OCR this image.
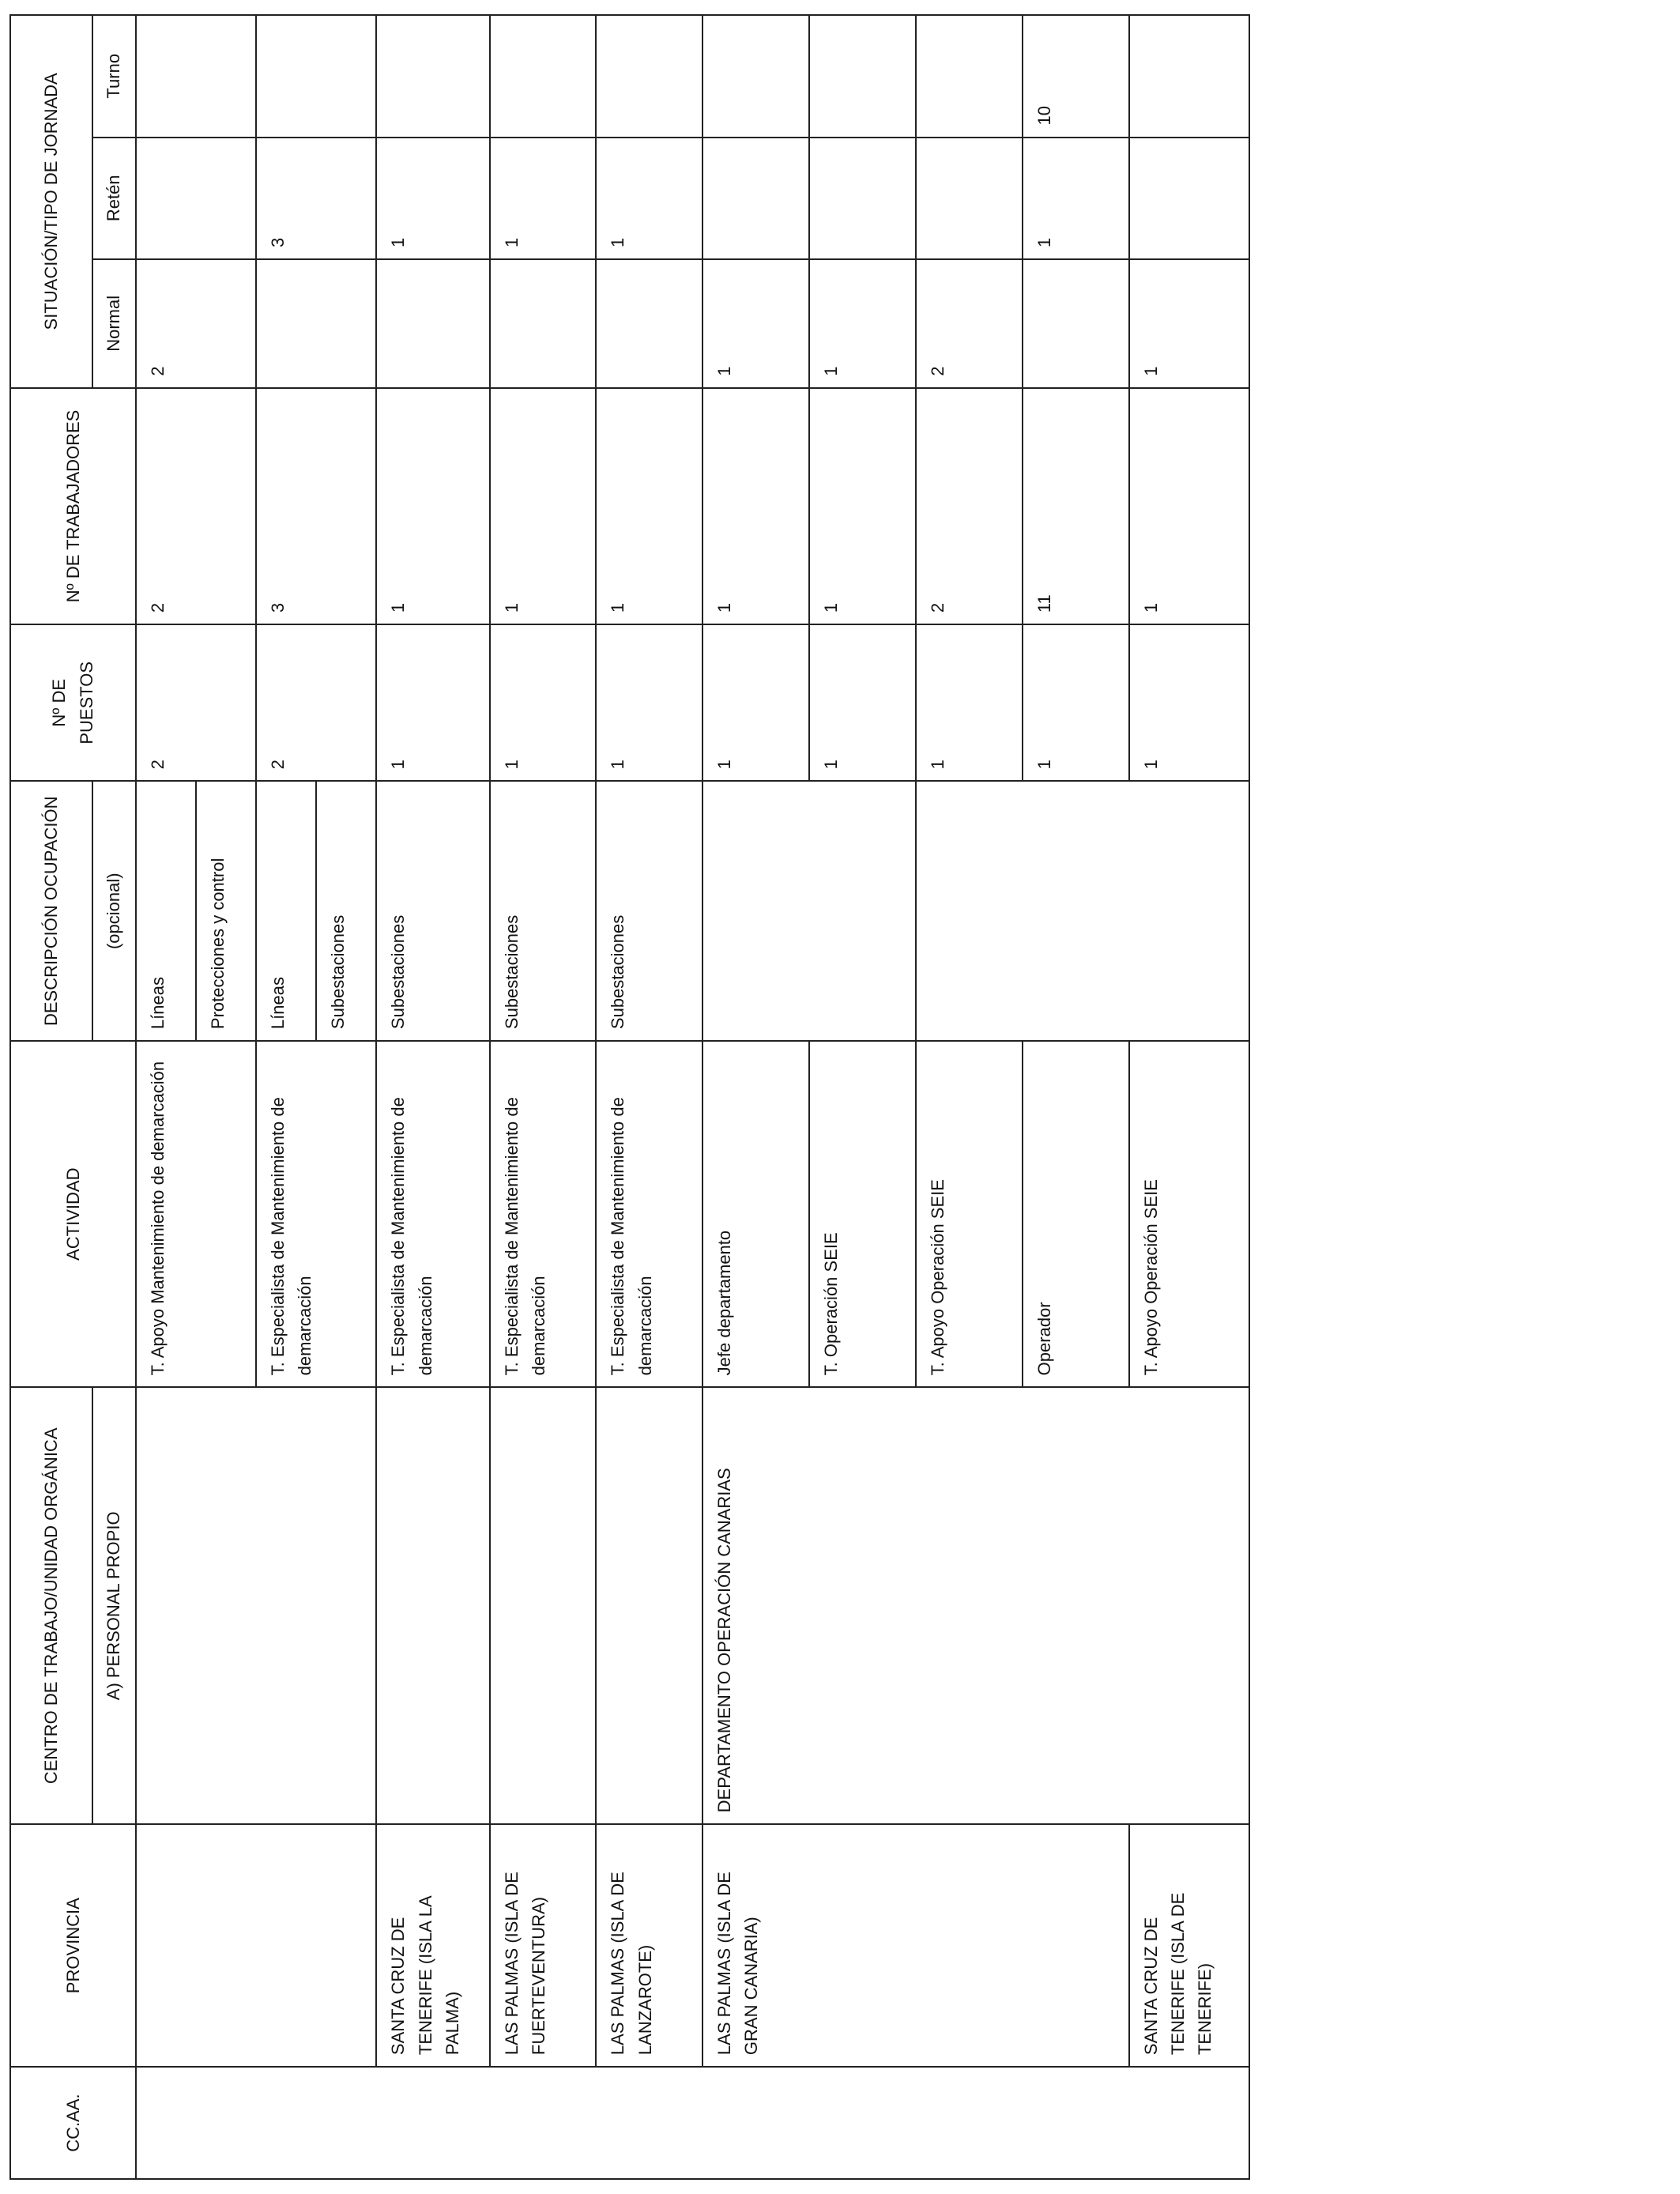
CC.AA.	PROVINCIA	CENTRO DE TRABAJO/UNIDAD ORGÁNICA	ACTIVIDAD	DESCRIPCIÓN OCUPACIÓN	Nº DE PUESTOS	Nº DE TRABAJADORES	SITUACIÓN/TIPO DE JORNADA		
		A) PERSONAL PROPIO		(opcional)			Normal	Retén	Turno

			T. Apoyo Mantenimiento de demarcación	Líneas	2	2	2		
				Protecciones y control					
			T. Especialista de Mantenimiento de demarcación	Líneas	2	3		3	
				Subestaciones					
	SANTA CRUZ DE TENERIFE (ISLA LA PALMA)		T. Especialista de Mantenimiento de demarcación	Subestaciones	1	1		1	
	LAS PALMAS (ISLA DE FUERTEVENTURA)		T. Especialista de Mantenimiento de demarcación	Subestaciones	1	1		1	
	LAS PALMAS (ISLA DE LANZAROTE)		T. Especialista de Mantenimiento de demarcación	Subestaciones	1	1		1	
	LAS PALMAS (ISLA DE GRAN CANARIA)	DEPARTAMENTO OPERACIÓN CANARIAS	Jefe departamento		1	1	1		
			T. Operación SEIE		1	1	1		
			T. Apoyo Operación SEIE		1	2	2		
			Operador		1	11		1	10
	SANTA CRUZ DE TENERIFE (ISLA DE TENERIFE)		T. Apoyo Operación SEIE		1	1	1		
